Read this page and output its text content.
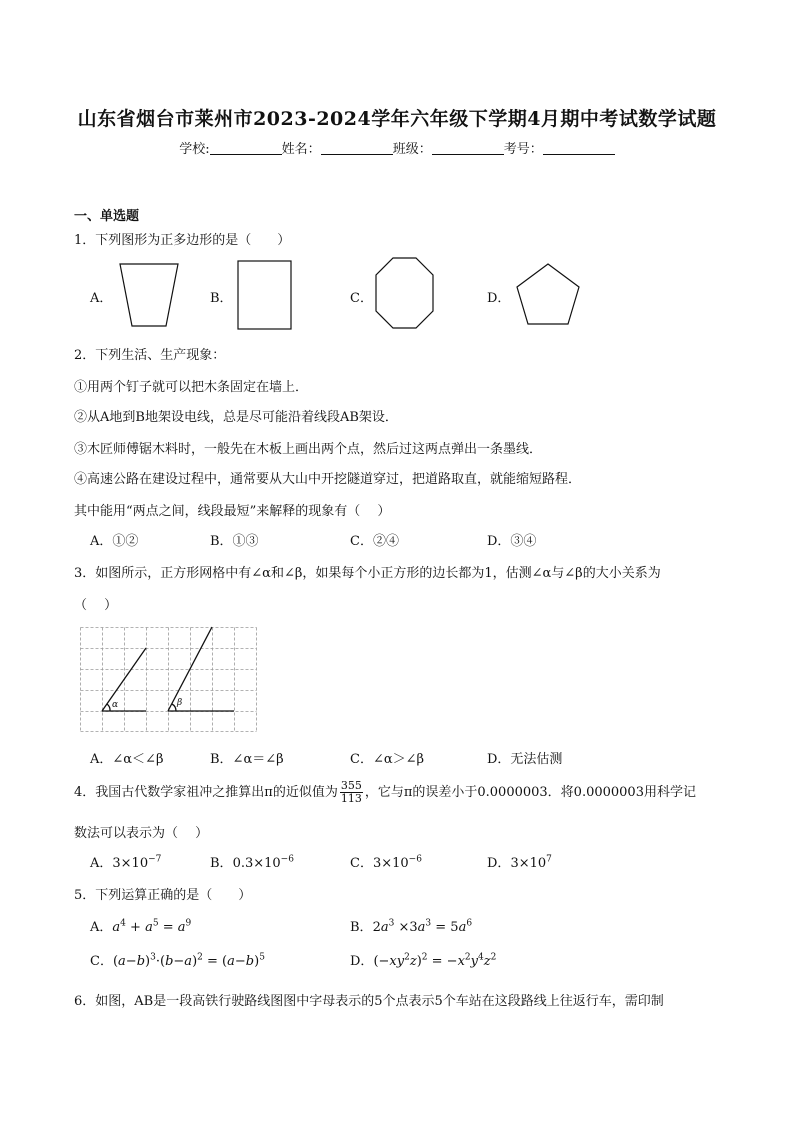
山东省烟台市莱州市2023-2024学年六年级下学期4月期中考试数学试题
学校:	姓名：	班级：	考号：
一、单选题
1．下列图形为正多边形的是（　　）
A．	B．	C．	D．
2．下列生活、生产现象：
①用两个钉子就可以把木条固定在墙上．
②从A地到B地架设电线，总是尽可能沿着线段AB架设．
③木匠师傅锯木料时，一般先在木板上画出两个点，然后过这两点弹出一条墨线．
④高速公路在建设过程中，通常要从大山中开挖隧道穿过，把道路取直，就能缩短路程．
其中能用“两点之间，线段最短”来解释的现象有（　 ）
A．①②	B．①③	C．②④	D．③④
3．如图所示，正方形网格中有∠α和∠β，如果每个小正方形的边长都为1，估测∠α与∠β的大小关系为
（　 ）
α	β
A．∠α＜∠β	B．∠α＝∠β	C．∠α＞∠β	D．无法估测
4．我国古代数学家祖冲之推算出π的近似值为 $\frac{355}{113}$ ，它与π的误差小于0.0000003．将0.0000003用科学记
数法可以表示为（　 ）
A．$3\times 10^{-7}$	B．$0.3\times 10^{-6}$	C．$3\times 10^{-6}$	D．$3\times 10^7$
5．下列运算正确的是（　　）
A．$a^4 + a^5 = a^9$	B．$2a^3 \times 3a^3 = 5a^6$
C．$(a-b)^3\cdot(b-a)^2 = (a-b)^5$	D．$(-xy^2z)^2 = -x^2y^4z^2$
6．如图，AB是一段高铁行驶路线图图中字母表示的5个点表示5个车站在这段路线上往返行车，需印制
